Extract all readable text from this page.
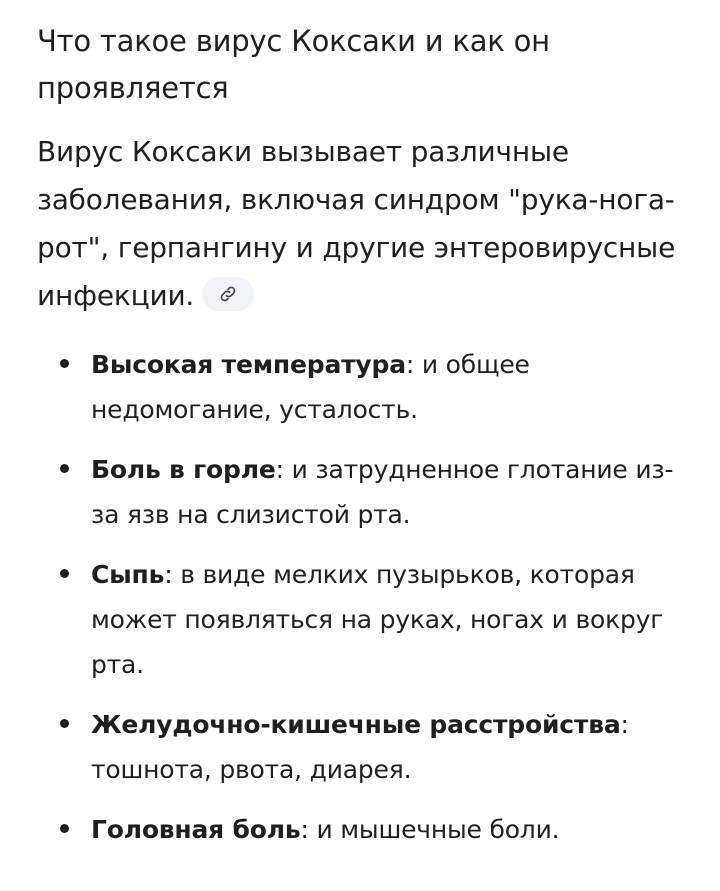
Что такое вирус Коксаки и как он проявляется
Вирус Коксаки вызывает различные заболевания, включая синдром "рука-нога-рот", герпангину и другие энтеровирусные инфекции.
Высокая температура: и общее недомогание, усталость.
Боль в горле: и затрудненное глотание из-за язв на слизистой рта.
Сыпь: в виде мелких пузырьков, которая может появляться на руках, ногах и вокруг рта.
Желудочно-кишечные расстройства: тошнота, рвота, диарея.
Головная боль: и мышечные боли.
